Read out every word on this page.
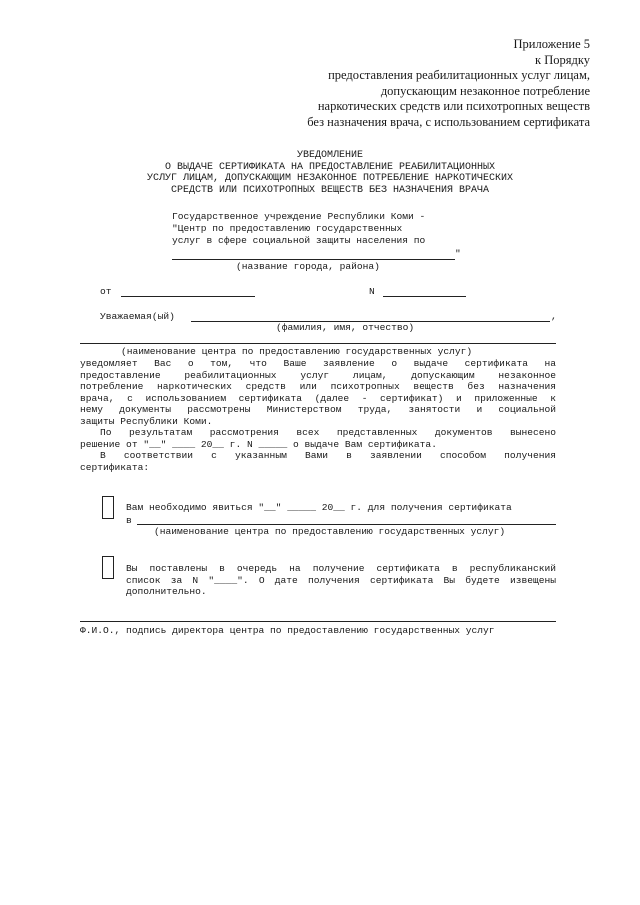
Приложение 5
к Порядку
предоставления реабилитационных услуг лицам,
допускающим незаконное потребление
наркотических средств или психотропных веществ
без назначения врача, с использованием сертификата
УВЕДОМЛЕНИЕ
О ВЫДАЧЕ СЕРТИФИКАТА НА ПРЕДОСТАВЛЕНИЕ РЕАБИЛИТАЦИОННЫХ
УСЛУГ ЛИЦАМ, ДОПУСКАЮЩИМ НЕЗАКОННОЕ ПОТРЕБЛЕНИЕ НАРКОТИЧЕСКИХ
СРЕДСТВ ИЛИ ПСИХОТРОПНЫХ ВЕЩЕСТВ БЕЗ НАЗНАЧЕНИЯ ВРАЧА
Государственное учреждение Республики Коми -
"Центр по предоставлению государственных
услуг в сфере социальной защиты населения по
"
(название города, района)
от	N
Уважаемая(ый)	,
(фамилия, имя, отчество)
(наименование центра по предоставлению государственных услуг)
уведомляет Вас о том, что Ваше заявление о выдаче сертификата на
предоставление реабилитационных услуг лицам, допускающим незаконное
потребление наркотических средств или психотропных веществ без назначения
врача, с использованием сертификата (далее - сертификат) и приложенные к
нему документы рассмотрены Министерством труда, занятости и социальной
защиты Республики Коми.
По результатам рассмотрения всех представленных документов вынесено
решение от "__" ____ 20__ г. N _____ о выдаче Вам сертификата.
В соответствии с указанным Вами в заявлении способом получения
сертификата:
Вам необходимо явиться "__" _____ 20__ г. для получения сертификата
в
(наименование центра по предоставлению государственных услуг)
Вы поставлены в очередь на получение сертификата в республиканский
список за N "____". О дате получения сертификата Вы будете извещены
дополнительно.
Ф.И.О., подпись директора центра по предоставлению государственных услуг
